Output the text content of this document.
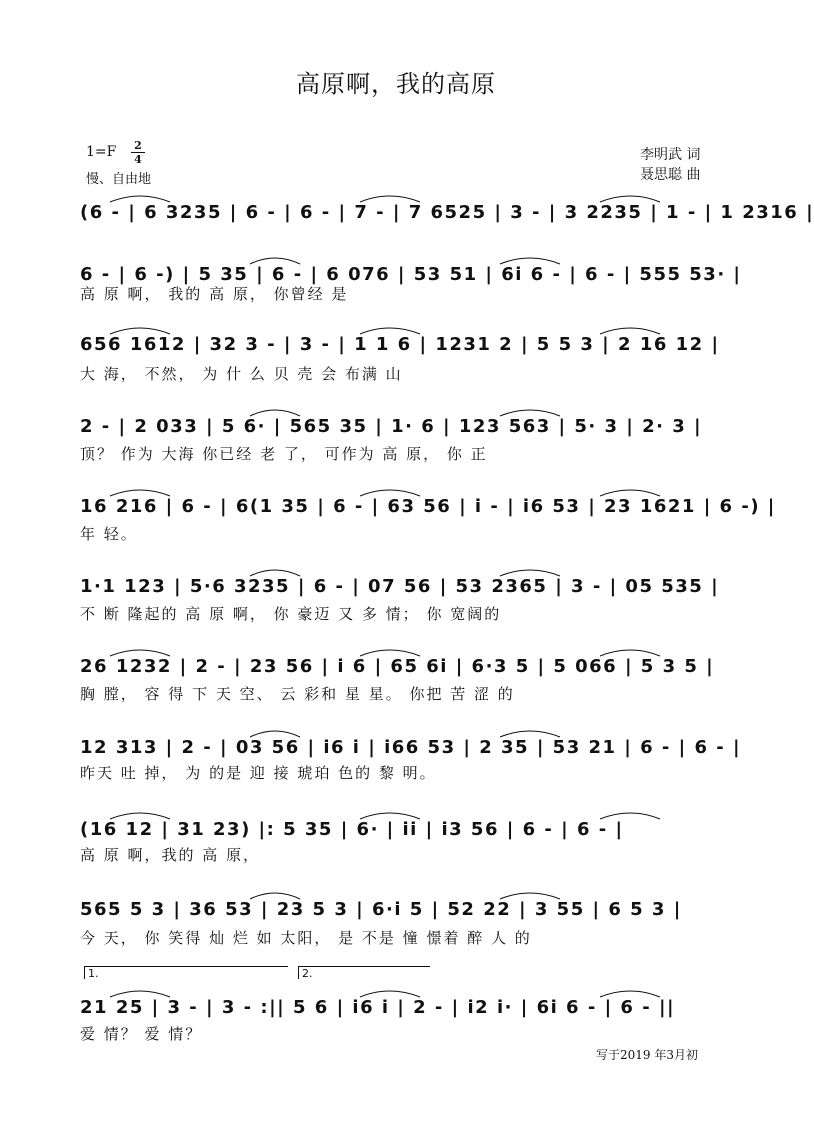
高原啊，我的高原
1=F 2
4
慢、自由地
李明武 词
聂思聪 曲
(6 - | 6 3235 | 6 - | 6 - | 7 - | 7 6525 | 3 - | 3 2235 | 1 - | 1 2316 |
6 - | 6 -) | 5 35 | 6 - | 6 076 | 53 51 | 6i 6 - | 6 - | 555 53· |
高 原 啊， 我的 高 原， 你曾经 是
656 1612 | 32 3 - | 3 - | 1 1 6 | 1231 2 | 5 5 3 | 2 16 12 |
大 海， 不然， 为 什 么 贝 壳 会 布满 山
2 - | 2 033 | 5 6· | 565 35 | 1· 6 | 123 563 | 5· 3 | 2· 3 |
顶？ 作为 大海 你已经 老 了， 可作为 高 原， 你 正
16 216 | 6 - | 6(1 35 | 6 - | 63 56 | i - | i6 53 | 23 1621 | 6 -) |
年 轻。
1·1 123 | 5·6 3235 | 6 - | 07 56 | 53 2365 | 3 - | 05 535 |
不 断 隆起的 高 原 啊， 你 豪迈 又 多 情； 你 宽阔的
26 1232 | 2 - | 23 56 | i 6 | 65 6i | 6·3 5 | 5 066 | 5 3 5 |
胸 膛， 容 得 下 天 空、 云 彩和 星 星。 你把 苦 涩 的
12 313 | 2 - | 03 56 | i6 i | i66 53 | 2 35 | 53 21 | 6 - | 6 - |
昨天 吐 掉， 为 的是 迎 接 琥珀 色的 黎 明。
(16 12 | 31 23) |: 5 35 | 6· | ii | i3 56 | 6 - | 6 - |
高 原 啊，我的 高 原，
565 5 3 | 36 53 | 23 5 3 | 6·i 5 | 52 22 | 3 55 | 6 5 3 |
今 天， 你 笑得 灿 烂 如 太阳， 是 不是 憧 憬着 醉 人 的
21 25 | 3 - | 3 - :|| 5 6 | i6 i | 2 - | i2 i· | 6i 6 - | 6 - ||
爱 情？ 爱 情？
1.	2.
写于2019 年3月初
